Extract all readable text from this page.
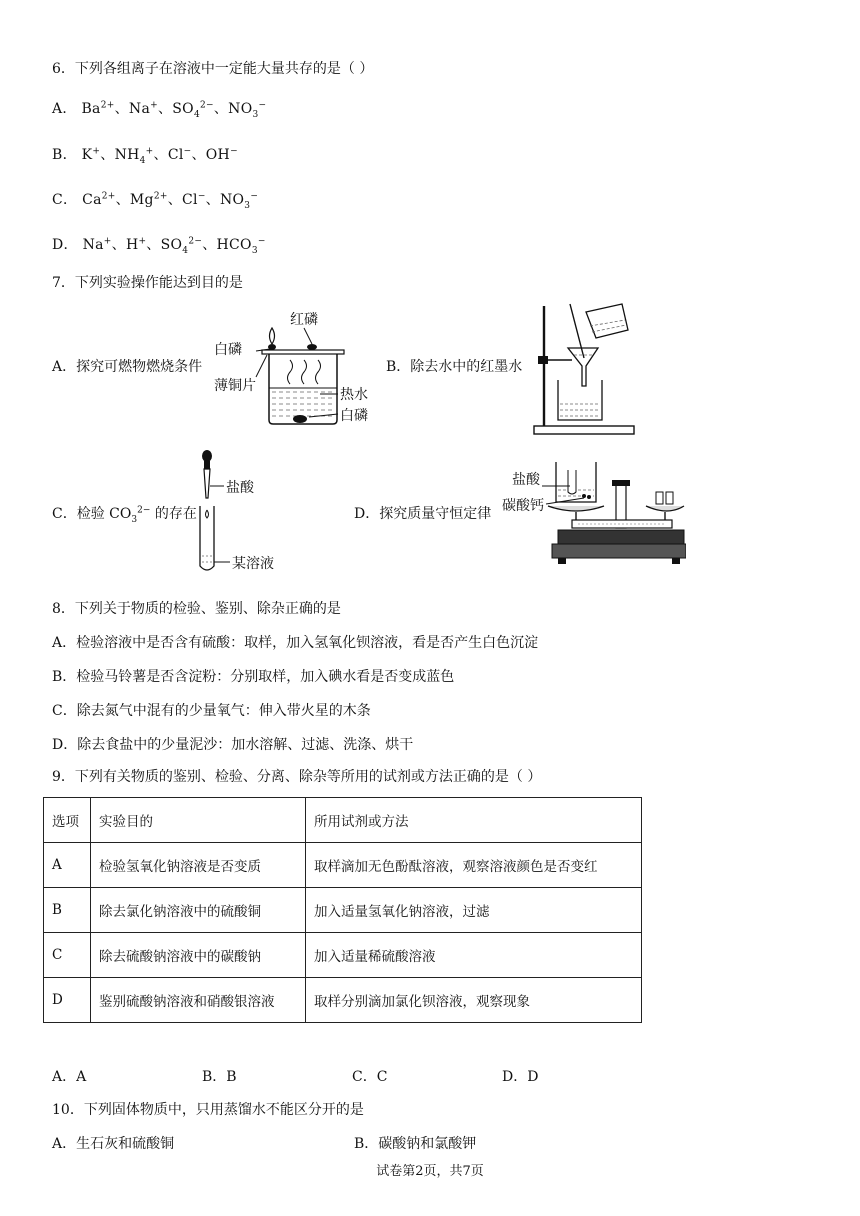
6．下列各组离子在溶液中一定能大量共存的是（ ）
A． $Ba^{2+}$、Na+、$SO_4^{2-}$、$NO_3^-$
B． K+、$NH_4^+$、Cl−、OH−
C． $Ca^{2+}$、$Mg^{2+}$、Cl−、$NO_3^-$
D． Na+、H+、$SO_4^{2-}$、$HCO_3^-$
7．下列实验操作能达到目的是
A．探究可燃物燃烧条件
红磷
白磷
薄铜片
热水
白磷
B．除去水中的红墨水
C．检验 $CO_3^{2-}$ 的存在
盐酸
某溶液
D．探究质量守恒定律
盐酸
碳酸钙
8．下列关于物质的检验、鉴别、除杂正确的是
A．检验溶液中是否含有硫酸：取样，加入氢氧化钡溶液，看是否产生白色沉淀
B．检验马铃薯是否含淀粉：分别取样，加入碘水看是否变成蓝色
C．除去氮气中混有的少量氧气：伸入带火星的木条
D．除去食盐中的少量泥沙：加水溶解、过滤、洗涤、烘干
9．下列有关物质的鉴别、检验、分离、除杂等所用的试剂或方法正确的是（ ）
选项	实验目的	所用试剂或方法
A	检验氢氧化钠溶液是否变质	取样滴加无色酚酞溶液，观察溶液颜色是否变红
B	除去氯化钠溶液中的硫酸铜	加入适量氢氧化钠溶液，过滤
C	除去硫酸钠溶液中的碳酸钠	加入适量稀硫酸溶液
D	鉴别硫酸钠溶液和硝酸银溶液	取样分别滴加氯化钡溶液，观察现象
A．A	B．B	C．C	D．D
10．下列固体物质中，只用蒸馏水不能区分开的是
A．生石灰和硫酸铜	B．碳酸钠和氯酸钾
试卷第2页，共7页
